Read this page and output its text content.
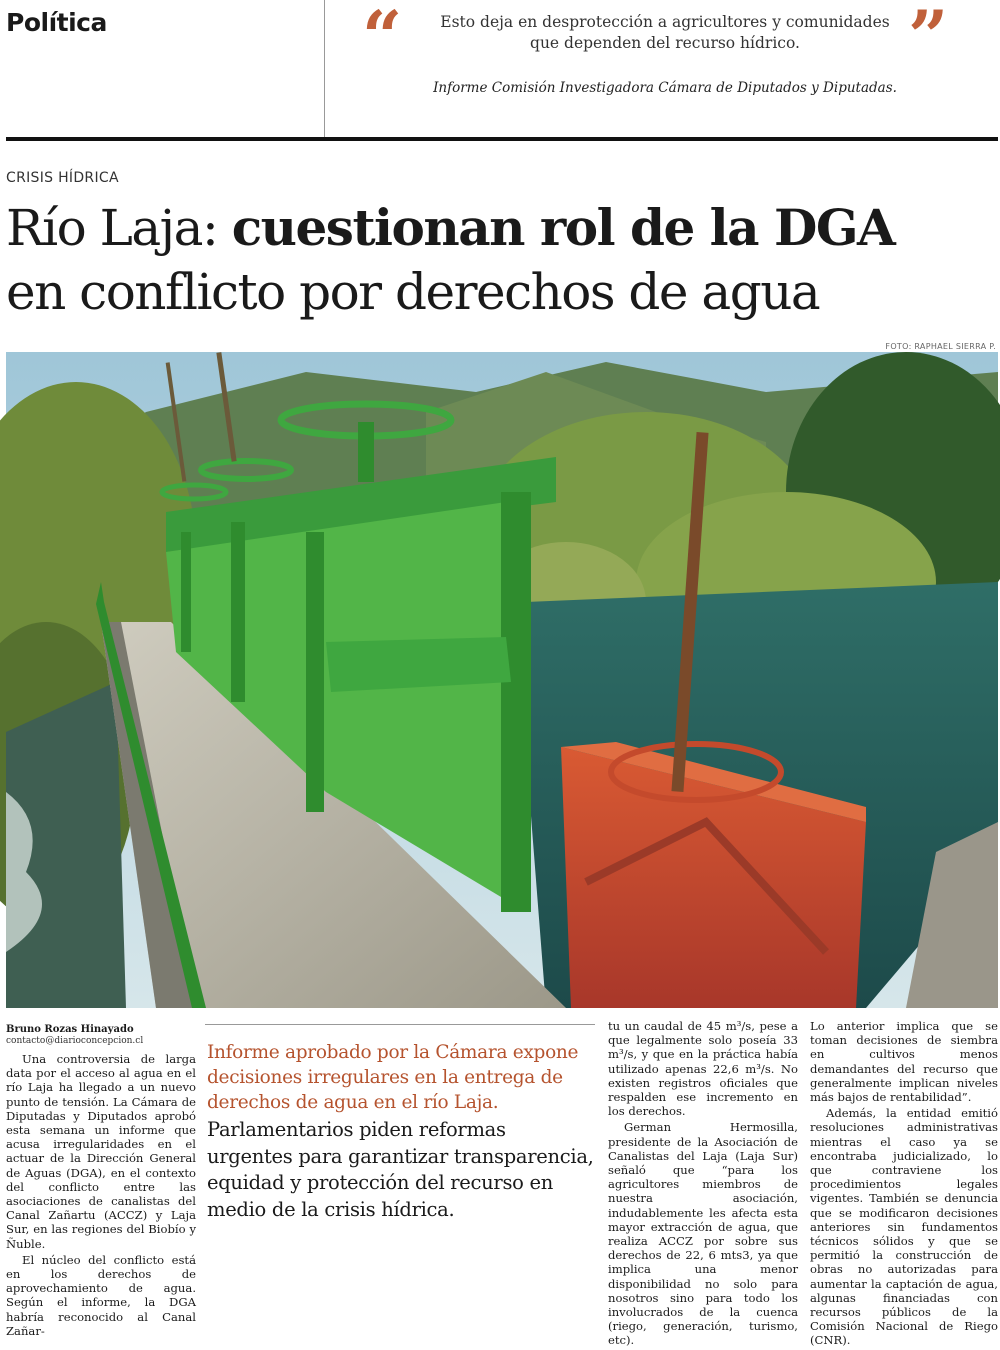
Política	“	Esto deja en desprotección a agricultores y comunidades que dependen del recurso hídrico.	”
Informe Comisión Investigadora Cámara de Diputados y Diputadas.
CRISIS HÍDRICA
Río Laja: cuestionan rol de la DGA
en conflicto por derechos de agua
FOTO: RAPHAEL SIERRA P.
Bruno Rozas Hinayado
contacto@diarioconcepcion.cl

Una controversia de larga data por el acceso al agua en el río Laja ha llegado a un nuevo punto de tensión. La Cámara de Diputadas y Diputados aprobó esta semana un informe que acusa irregularidades en el actuar de la Dirección General de Aguas (DGA), en el contexto del conflicto entre las asociaciones de canalistas del Canal Zañartu (ACCZ) y Laja Sur, en las regiones del Biobío y Ñuble.

El núcleo del conflicto está en los derechos de aprovechamiento de agua. Según el informe, la DGA habría reconocido al Canal Zañar-

Informe aprobado por la Cámara expone decisiones irregulares en la entrega de derechos de agua en el río Laja.
Parlamentarios piden reformas urgentes para garantizar transparencia, equidad y protección del recurso en medio de la crisis hídrica.

tu un caudal de 45 m³/s, pese a que legalmente solo poseía 33 m³/s, y que en la práctica había utilizado apenas 22,6 m³/s. No existen registros oficiales que respalden ese incremento en los derechos.

German Hermosilla, presidente de la Asociación de Canalistas del Laja (Laja Sur) señaló que “para los agricultores miembros de nuestra asociación, indudablemente les afecta esta mayor extracción de agua, que realiza ACCZ por sobre sus derechos de 22, 6 mts3, ya que implica una menor disponibilidad no solo para nosotros sino para todo los involucrados de la cuenca (riego, generación, turismo, etc).

Lo anterior implica que se toman decisiones de siembra en cultivos menos demandantes del recurso que generalmente implican niveles más bajos de rentabilidad”.

Además, la entidad emitió resoluciones administrativas mientras el caso ya se encontraba judicializado, lo que contraviene los procedimientos legales vigentes. También se denuncia que se modificaron decisiones anteriores sin fundamentos técnicos sólidos y que se permitió la construcción de obras no autorizadas para aumentar la captación de agua, algunas financiadas con recursos públicos de la Comisión Nacional de Riego (CNR).
